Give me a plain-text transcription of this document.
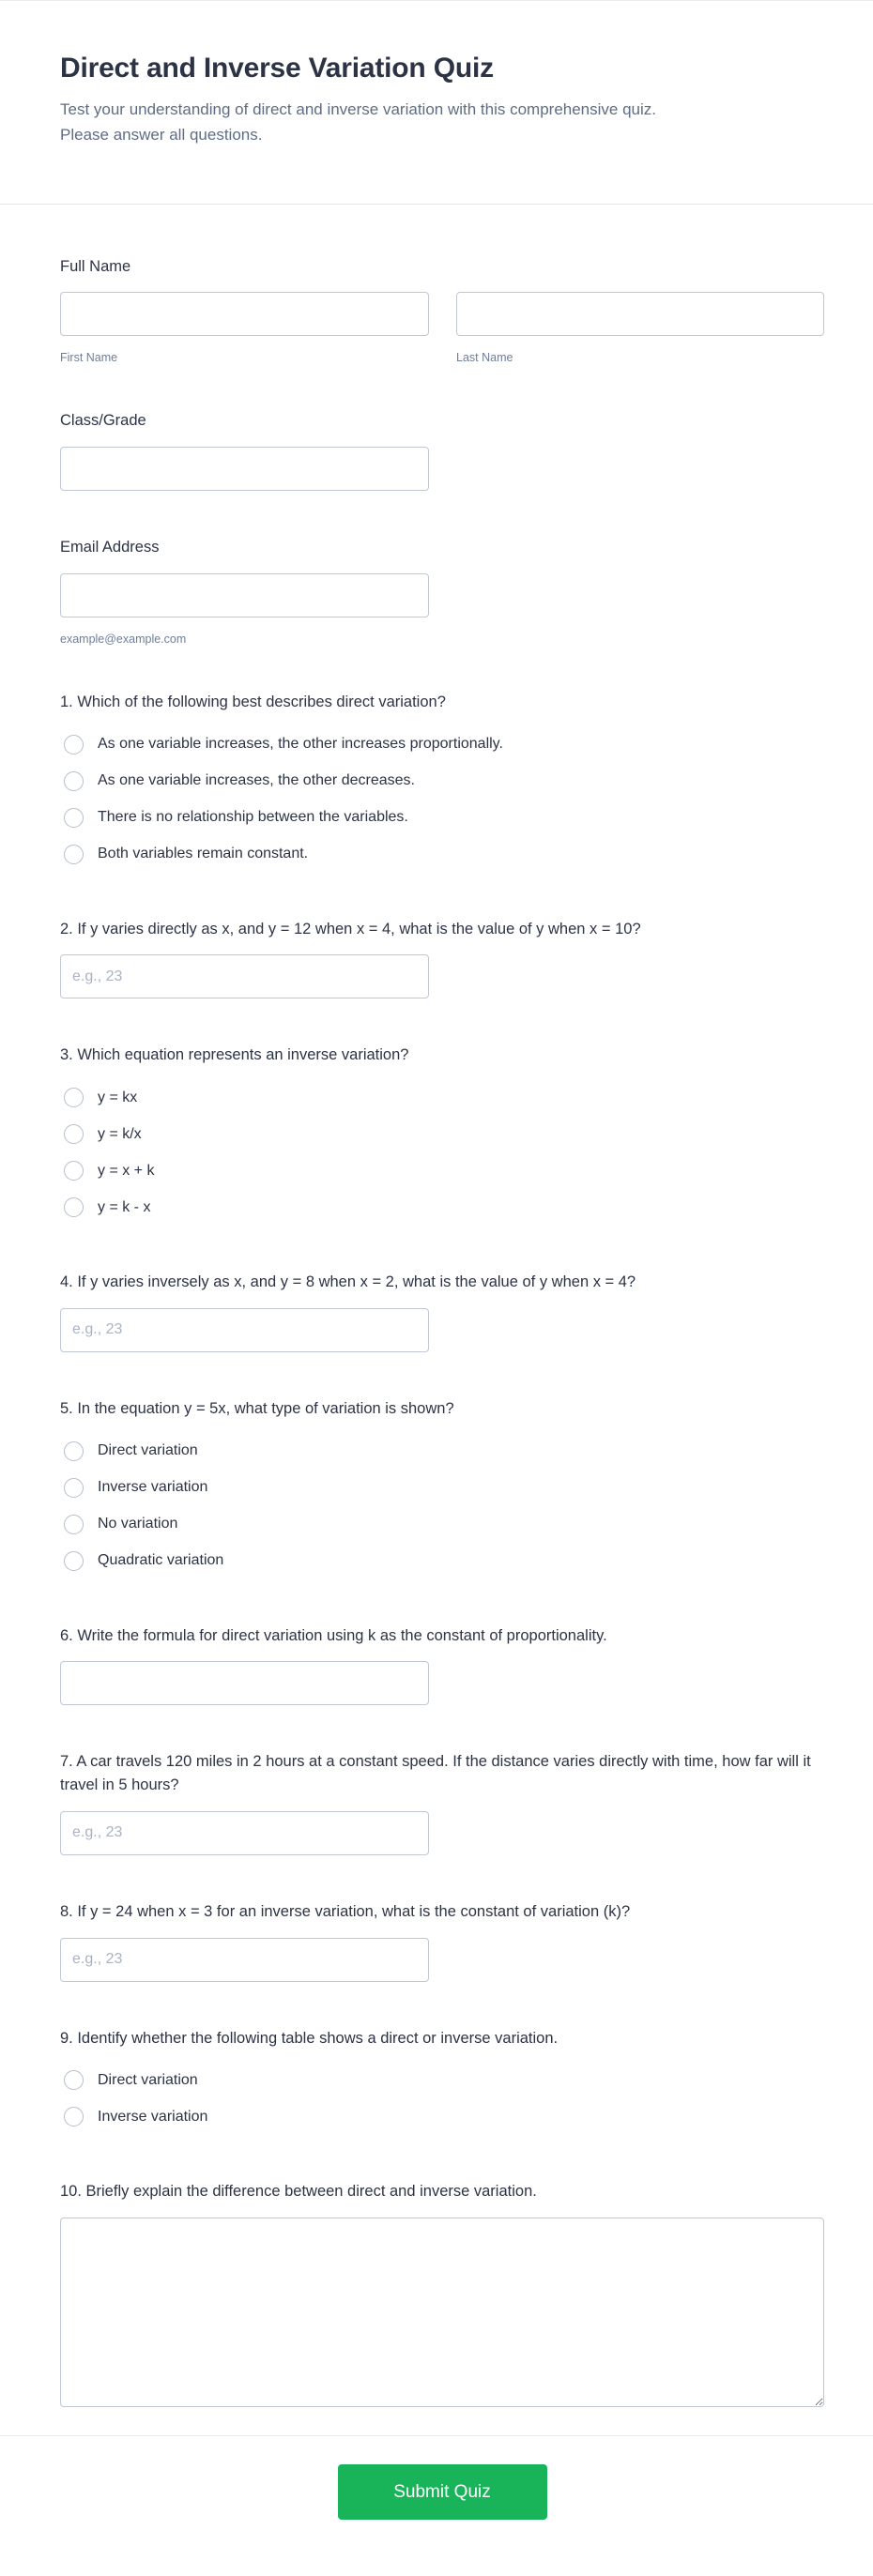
Direct and Inverse Variation Quiz
Test your understanding of direct and inverse variation with this comprehensive quiz. Please answer all questions.
Full Name
First Name	Last Name
Class/Grade
Email Address
example@example.com
1. Which of the following best describes direct variation?
As one variable increases, the other increases proportionally.
As one variable increases, the other decreases.
There is no relationship between the variables.
Both variables remain constant.
2. If y varies directly as x, and y = 12 when x = 4, what is the value of y when x = 10?
e.g., 23
3. Which equation represents an inverse variation?
y = kx
y = k/x
y = x + k
y = k - x
4. If y varies inversely as x, and y = 8 when x = 2, what is the value of y when x = 4?
e.g., 23
5. In the equation y = 5x, what type of variation is shown?
Direct variation
Inverse variation
No variation
Quadratic variation
6. Write the formula for direct variation using k as the constant of proportionality.
7. A car travels 120 miles in 2 hours at a constant speed. If the distance varies directly with time, how far will it travel in 5 hours?
e.g., 23
8. If y = 24 when x = 3 for an inverse variation, what is the constant of variation (k)?
e.g., 23
9. Identify whether the following table shows a direct or inverse variation.
Direct variation
Inverse variation
10. Briefly explain the difference between direct and inverse variation.
Submit Quiz
